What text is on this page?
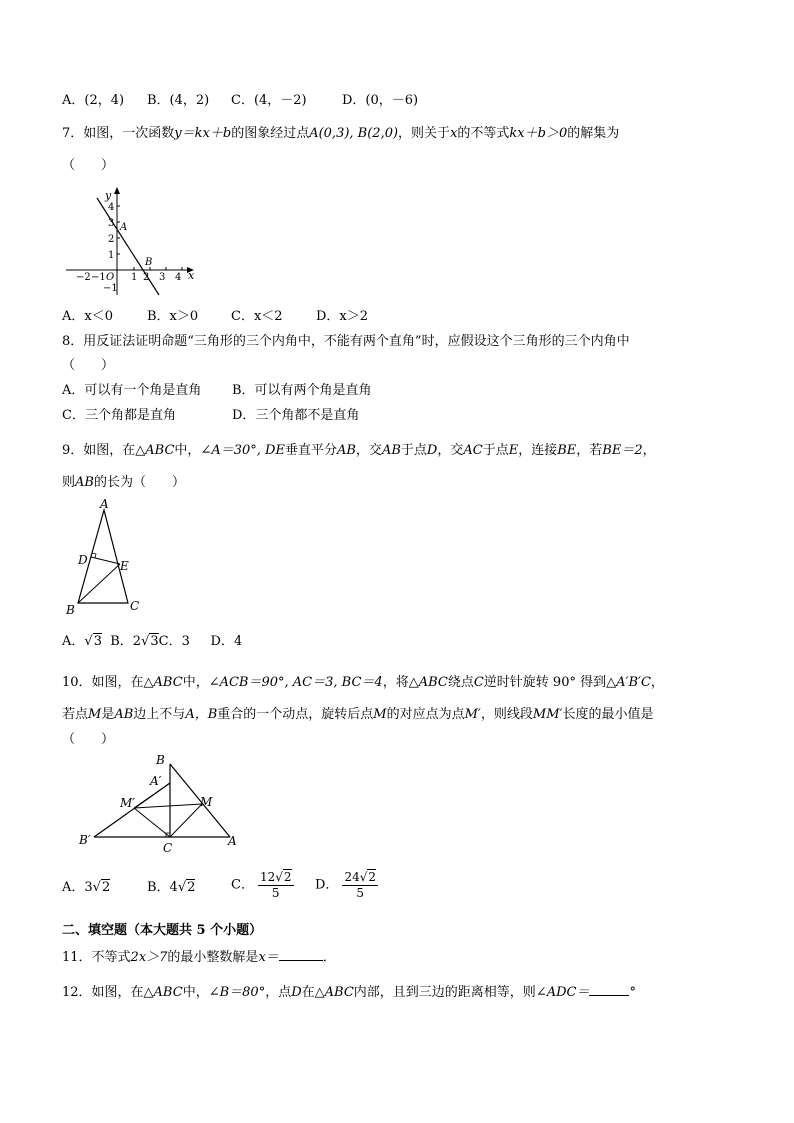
A．(2，4) B．(4，2) C．(4，－2)	D．(0，－6)
7．如图，一次函数y＝kx＋b的图象经过点A(0,3), B(2,0)，则关于x的不等式kx＋b＞0的解集为
（　　）
y
x
A
B
O
−2 −1	1 2 3 4
4
3
2
1
−1
A．x＜0	B．x＞0	C．x＜2	D．x＞2
8．用反证法证明命题“三角形的三个内角中，不能有两个直角”时，应假设这个三角形的三个内角中
（　　）
A．可以有一个角是直角 B．可以有两个角是直角
C．三个角都是直角	D．三个角都不是直角
9．如图，在△ABC中，∠A＝30°, DE垂直平分AB，交AB于点D，交AC于点E，连接BE，若BE＝2，
则AB的长为（　　）
A
D	E
B	C
A．√3 B．2√3C．3 D．4
10．如图，在△ABC中，∠ACB＝90°, AC＝3, BC＝4，将△ABC绕点C逆时针旋转 90° 得到△A′B′C，
若点M是AB边上不与A，B重合的一个动点，旋转后点M的对应点为点M′，则线段MM′长度的最小值是
（　　）
B
A′
M′	M
B′
C	A
A．3√2	B．4√2	C． $\frac{12√2}{5}$ D． $\frac{24√2}{5}$
二、填空题（本大题共 5 个小题）
11．不等式2x＞7的最小整数解是x＝	．
12．如图，在△ABC中，∠B＝80°，点D在△ABC内部，且到三边的距离相等，则∠ADC＝	°
